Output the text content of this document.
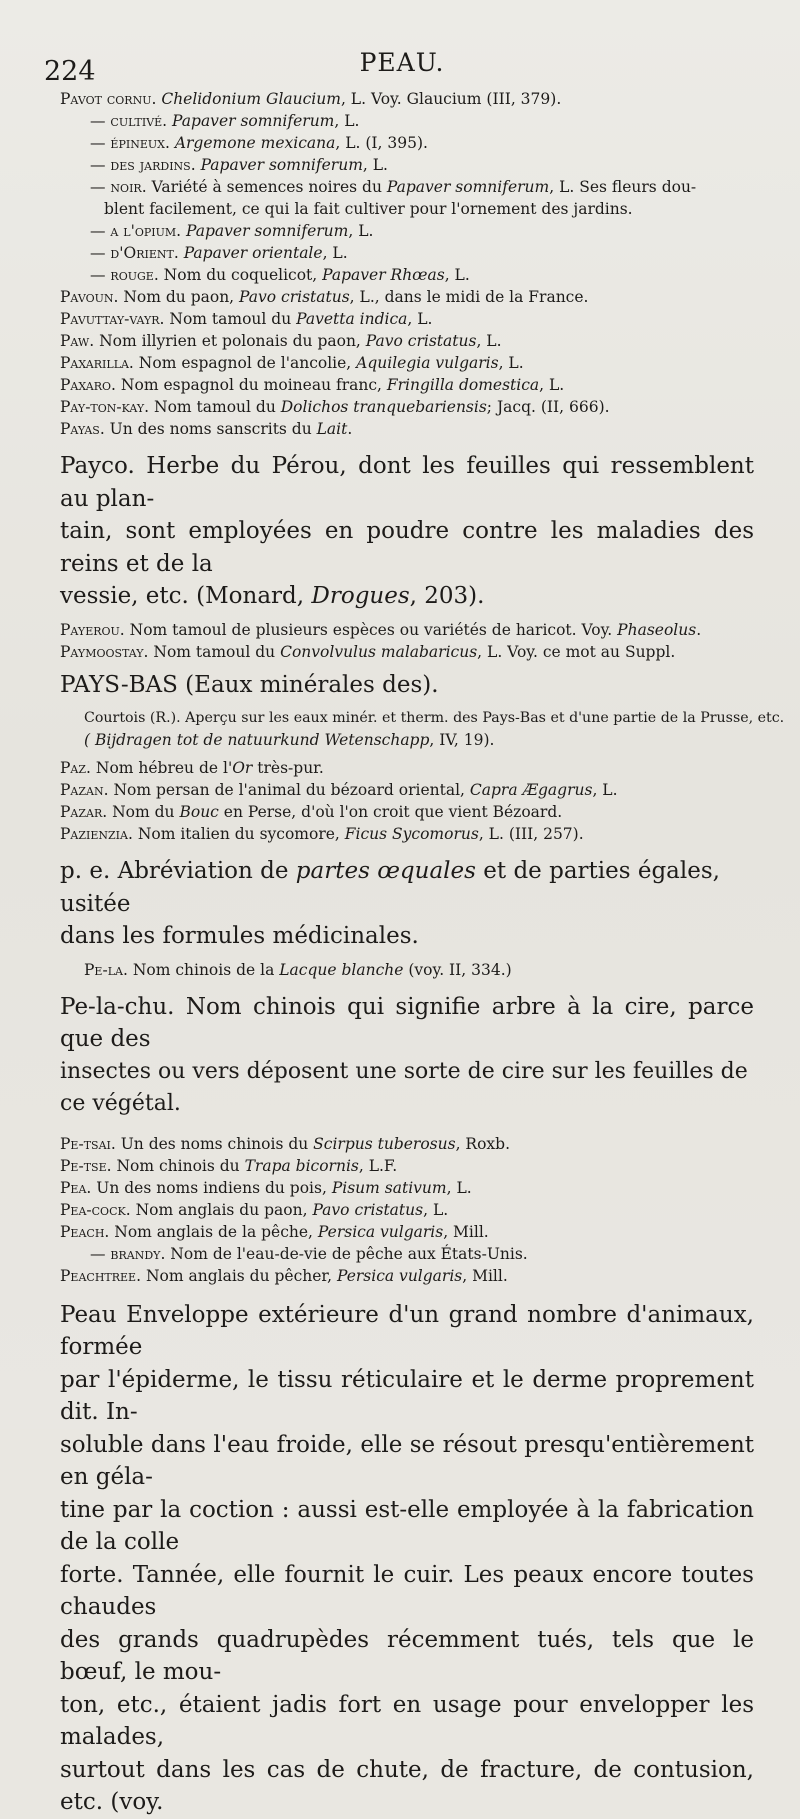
224	PEAU.

Pavot cornu. Chelidonium Glaucium, L. Voy. Glaucium (III, 379).

— cultivé. Papaver somniferum, L.

— épineux. Argemone mexicana, L. (I, 395).

— des jardins. Papaver somniferum, L.

— noir. Variété à semences noires du Papaver somniferum, L. Ses fleurs dou-

blent facilement, ce qui la fait cultiver pour l'ornement des jardins.

— a l'opium. Papaver somniferum, L.

— d'Orient. Papaver orientale, L.

— rouge. Nom du coquelicot, Papaver Rhœas, L.

Pavoun. Nom du paon, Pavo cristatus, L., dans le midi de la France.

Pavuttay-vayr. Nom tamoul du Pavetta indica, L.

Paw. Nom illyrien et polonais du paon, Pavo cristatus, L.

Paxarilla. Nom espagnol de l'ancolie, Aquilegia vulgaris, L.

Paxaro. Nom espagnol du moineau franc, Fringilla domestica, L.

Pay-ton-kay. Nom tamoul du Dolichos tranquebariensis; Jacq. (II, 666).

Payas. Un des noms sanscrits du Lait.

Payco. Herbe du Pérou, dont les feuilles qui ressemblent au plan-

tain, sont employées en poudre contre les maladies des reins et de la

vessie, etc. (Monard, Drogues, 203).

Payerou. Nom tamoul de plusieurs espèces ou variétés de haricot. Voy. Phaseolus.

Paymoostay. Nom tamoul du Convolvulus malabaricus, L. Voy. ce mot au Suppl.

PAYS-BAS (Eaux minérales des).

Courtois (R.). Aperçu sur les eaux minér. et therm. des Pays-Bas et d'une partie de la Prusse, etc.

( Bijdragen tot de natuurkund Wetenschapp, IV, 19).

Paz. Nom hébreu de l'Or très-pur.

Pazan. Nom persan de l'animal du bézoard oriental, Capra Ægagrus, L.

Pazar. Nom du Bouc en Perse, d'où l'on croit que vient Bézoard.

Pazienzia. Nom italien du sycomore, Ficus Sycomorus, L. (III, 257).

p. e. Abréviation de partes œquales et de parties égales, usitée

dans les formules médicinales.

Pe-la. Nom chinois de la Lacque blanche (voy. II, 334.)

Pe-la-chu. Nom chinois qui signifie arbre à la cire, parce que des

insectes ou vers déposent une sorte de cire sur les feuilles de ce végétal.

Pe-tsai. Un des noms chinois du Scirpus tuberosus, Roxb.

Pe-tse. Nom chinois du Trapa bicornis, L.F.

Pea. Un des noms indiens du pois, Pisum sativum, L.

Pea-cock. Nom anglais du paon, Pavo cristatus, L.

Peach. Nom anglais de la pêche, Persica vulgaris, Mill.

— brandy. Nom de l'eau-de-vie de pêche aux États-Unis.

Peachtree. Nom anglais du pêcher, Persica vulgaris, Mill.

Peau Enveloppe extérieure d'un grand nombre d'animaux, formée

par l'épiderme, le tissu réticulaire et le derme proprement dit. In-

soluble dans l'eau froide, elle se résout presqu'entièrement en géla-

tine par la coction : aussi est-elle employée à la fabrication de la colle

forte. Tannée, elle fournit le cuir. Les peaux encore toutes chaudes

des grands quadrupèdes récemment tués, tels que le bœuf, le mou-

ton, etc., étaient jadis fort en usage pour envelopper les malades,

surtout dans les cas de chute, de fracture, de contusion, etc. (voy.
